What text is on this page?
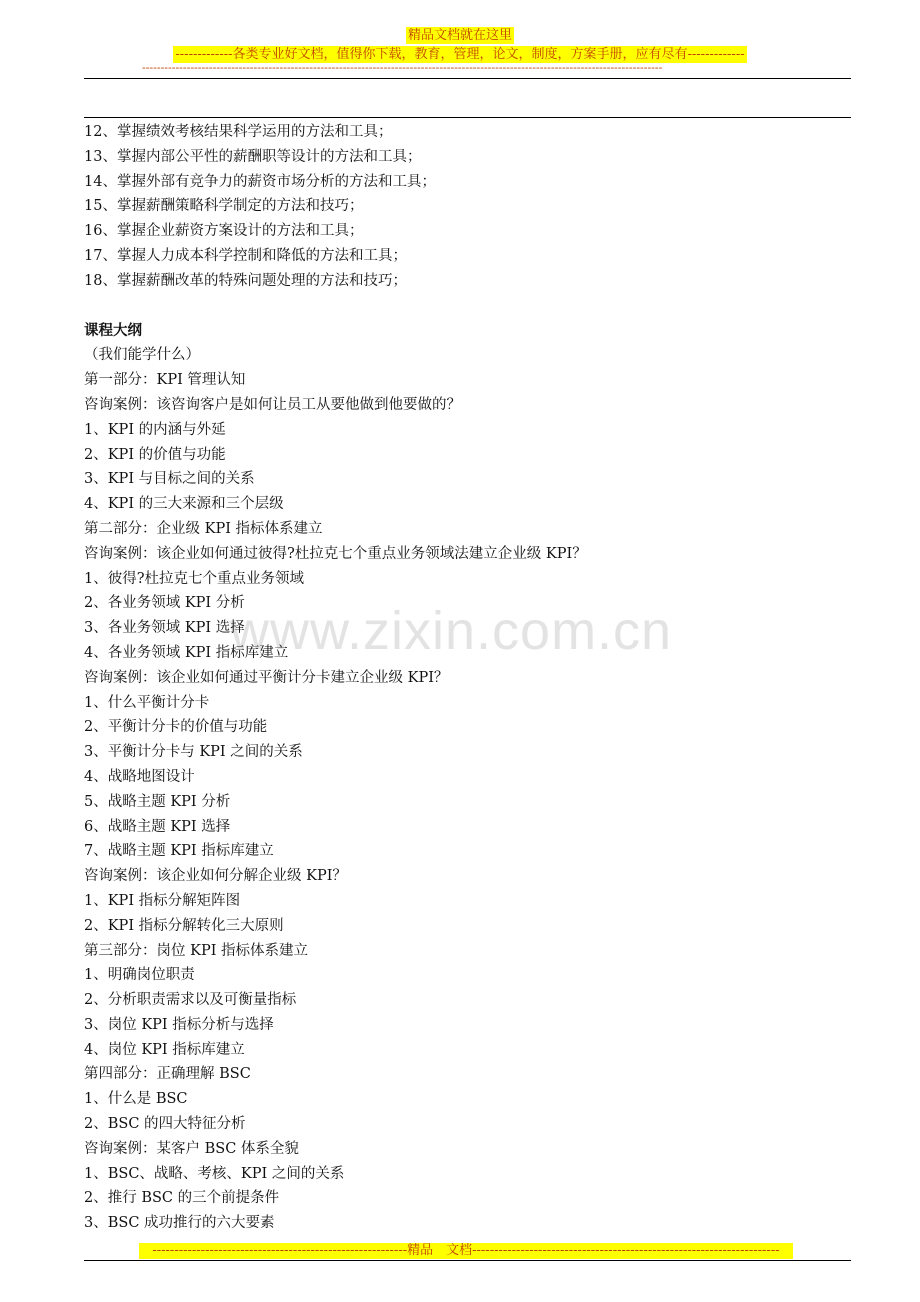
精品文档就在这里
-------------各类专业好文档，值得你下载，教育，管理，论文，制度，方案手册，应有尽有-------------
--------------------------------------------------------------------------------------------------------------------------------------------
www.zixin.com.cn
12、掌握绩效考核结果科学运用的方法和工具；
13、掌握内部公平性的薪酬职等设计的方法和工具；
14、掌握外部有竞争力的薪资市场分析的方法和工具；
15、掌握薪酬策略科学制定的方法和技巧；
16、掌握企业薪资方案设计的方法和工具；
17、掌握人力成本科学控制和降低的方法和工具；
18、掌握薪酬改革的特殊问题处理的方法和技巧；
课程大纲
（我们能学什么）
第一部分：KPI 管理认知
咨询案例：该咨询客户是如何让员工从要他做到他要做的？
1、KPI 的内涵与外延
2、KPI 的价值与功能
3、KPI 与目标之间的关系
4、KPI 的三大来源和三个层级
第二部分：企业级 KPI 指标体系建立
咨询案例：该企业如何通过彼得?杜拉克七个重点业务领域法建立企业级 KPI？
1、彼得?杜拉克七个重点业务领域
2、各业务领域 KPI 分析
3、各业务领域 KPI 选择
4、各业务领域 KPI 指标库建立
咨询案例：该企业如何通过平衡计分卡建立企业级 KPI？
1、什么平衡计分卡
2、平衡计分卡的价值与功能
3、平衡计分卡与 KPI 之间的关系
4、战略地图设计
5、战略主题 KPI 分析
6、战略主题 KPI 选择
7、战略主题 KPI 指标库建立
咨询案例：该企业如何分解企业级 KPI？
1、KPI 指标分解矩阵图
2、KPI 指标分解转化三大原则
第三部分：岗位 KPI 指标体系建立
1、明确岗位职责
2、分析职责需求以及可衡量指标
3、岗位 KPI 指标分析与选择
4、岗位 KPI 指标库建立
第四部分：正确理解 BSC
1、什么是 BSC
2、BSC 的四大特征分析
咨询案例：某客户 BSC 体系全貌
1、BSC、战略、考核、KPI 之间的关系
2、推行 BSC 的三个前提条件
3、BSC 成功推行的六大要素
----------------------------------------------------------精品　文档----------------------------------------------------------------------
